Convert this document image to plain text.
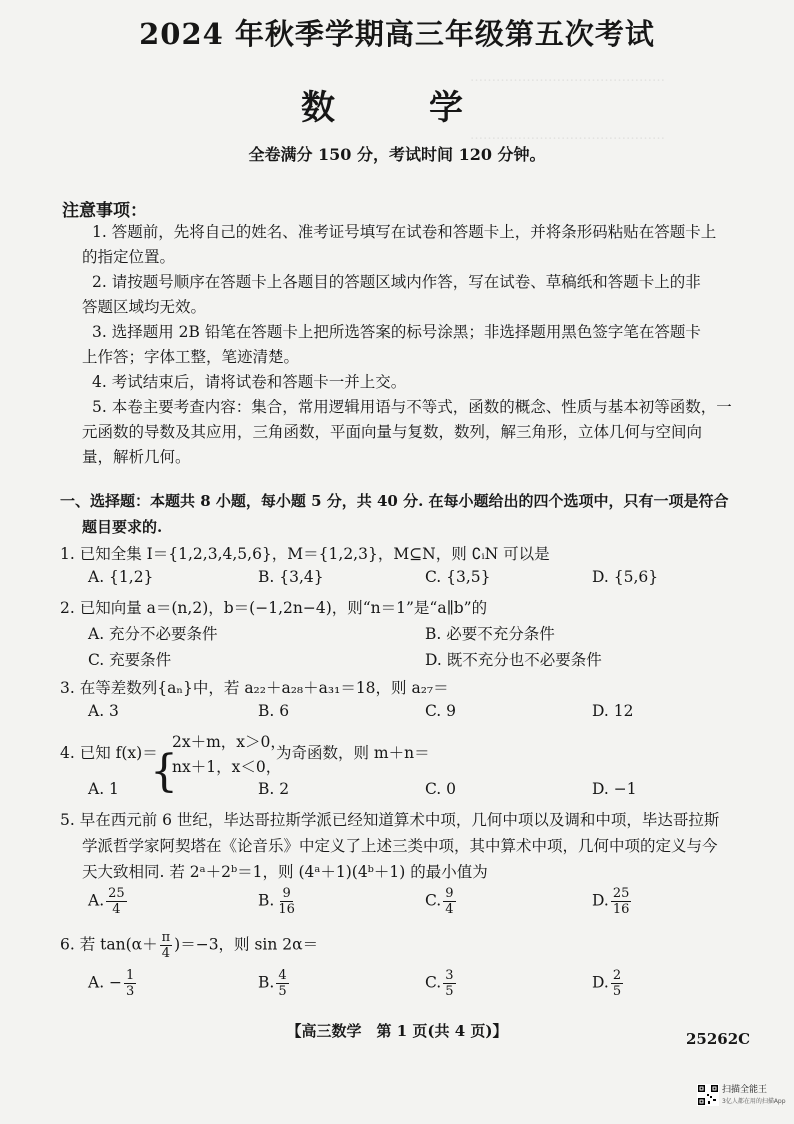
………………………………………
………………………………………
2024 年秋季学期高三年级第五次考试
数　学
全卷满分 150 分，考试时间 120 分钟。
注意事项：
1. 答题前，先将自己的姓名、准考证号填写在试卷和答题卡上，并将条形码粘贴在答题卡上
的指定位置。
2. 请按题号顺序在答题卡上各题目的答题区域内作答，写在试卷、草稿纸和答题卡上的非
答题区域均无效。
3. 选择题用 2B 铅笔在答题卡上把所选答案的标号涂黑；非选择题用黑色签字笔在答题卡
上作答；字体工整，笔迹清楚。
4. 考试结束后，请将试卷和答题卡一并上交。
5. 本卷主要考查内容：集合，常用逻辑用语与不等式，函数的概念、性质与基本初等函数，一
元函数的导数及其应用，三角函数，平面向量与复数，数列，解三角形，立体几何与空间向
量，解析几何。
一、选择题：本题共 8 小题，每小题 5 分，共 40 分. 在每小题给出的四个选项中，只有一项是符合
题目要求的.
1. 已知全集 I＝{1,2,3,4,5,6}，M＝{1,2,3}，M⊆N，则 ∁ᵢN 可以是
A. {1,2}	B. {3,4}	C. {3,5}	D. {5,6}
2. 已知向量 a＝(n,2)，b＝(−1,2n−4)，则“n＝1”是“a∥b”的
A. 充分不必要条件	B. 必要不充分条件
C. 充要条件	D. 既不充分也不必要条件
3. 在等差数列{aₙ}中，若 a₂₂＋a₂₈＋a₃₁＝18，则 a₂₇＝
A. 3	B. 6	C. 9	D. 12
4. 已知 f(x)＝
{
2x＋m，x＞0，
nx＋1，x＜0，
为奇函数，则 m＋n＝
A. 1	B. 2	C. 0	D. −1
5. 早在西元前 6 世纪，毕达哥拉斯学派已经知道算术中项，几何中项以及调和中项，毕达哥拉斯
学派哲学家阿契塔在《论音乐》中定义了上述三类中项，其中算术中项，几何中项的定义与今
天大致相同. 若 2ᵃ＋2ᵇ＝1，则 (4ᵃ＋1)(4ᵇ＋1) 的最小值为
A. $\frac{25}{4}$	B. $\frac{9}{16}$	C. $\frac{9}{4}$	D. $\frac{25}{16}$
6. 若 $\tan(\alpha+ \frac{\pi}{4} )=-3$，则 sin 2α＝
A. − $\frac{1}{3}$	B. $\frac{4}{5}$	C. $\frac{3}{5}$	D. $\frac{2}{5}$
【高三数学　第 1 页(共 4 页)】	25262C
扫描全能王
3亿人都在用的扫描App
